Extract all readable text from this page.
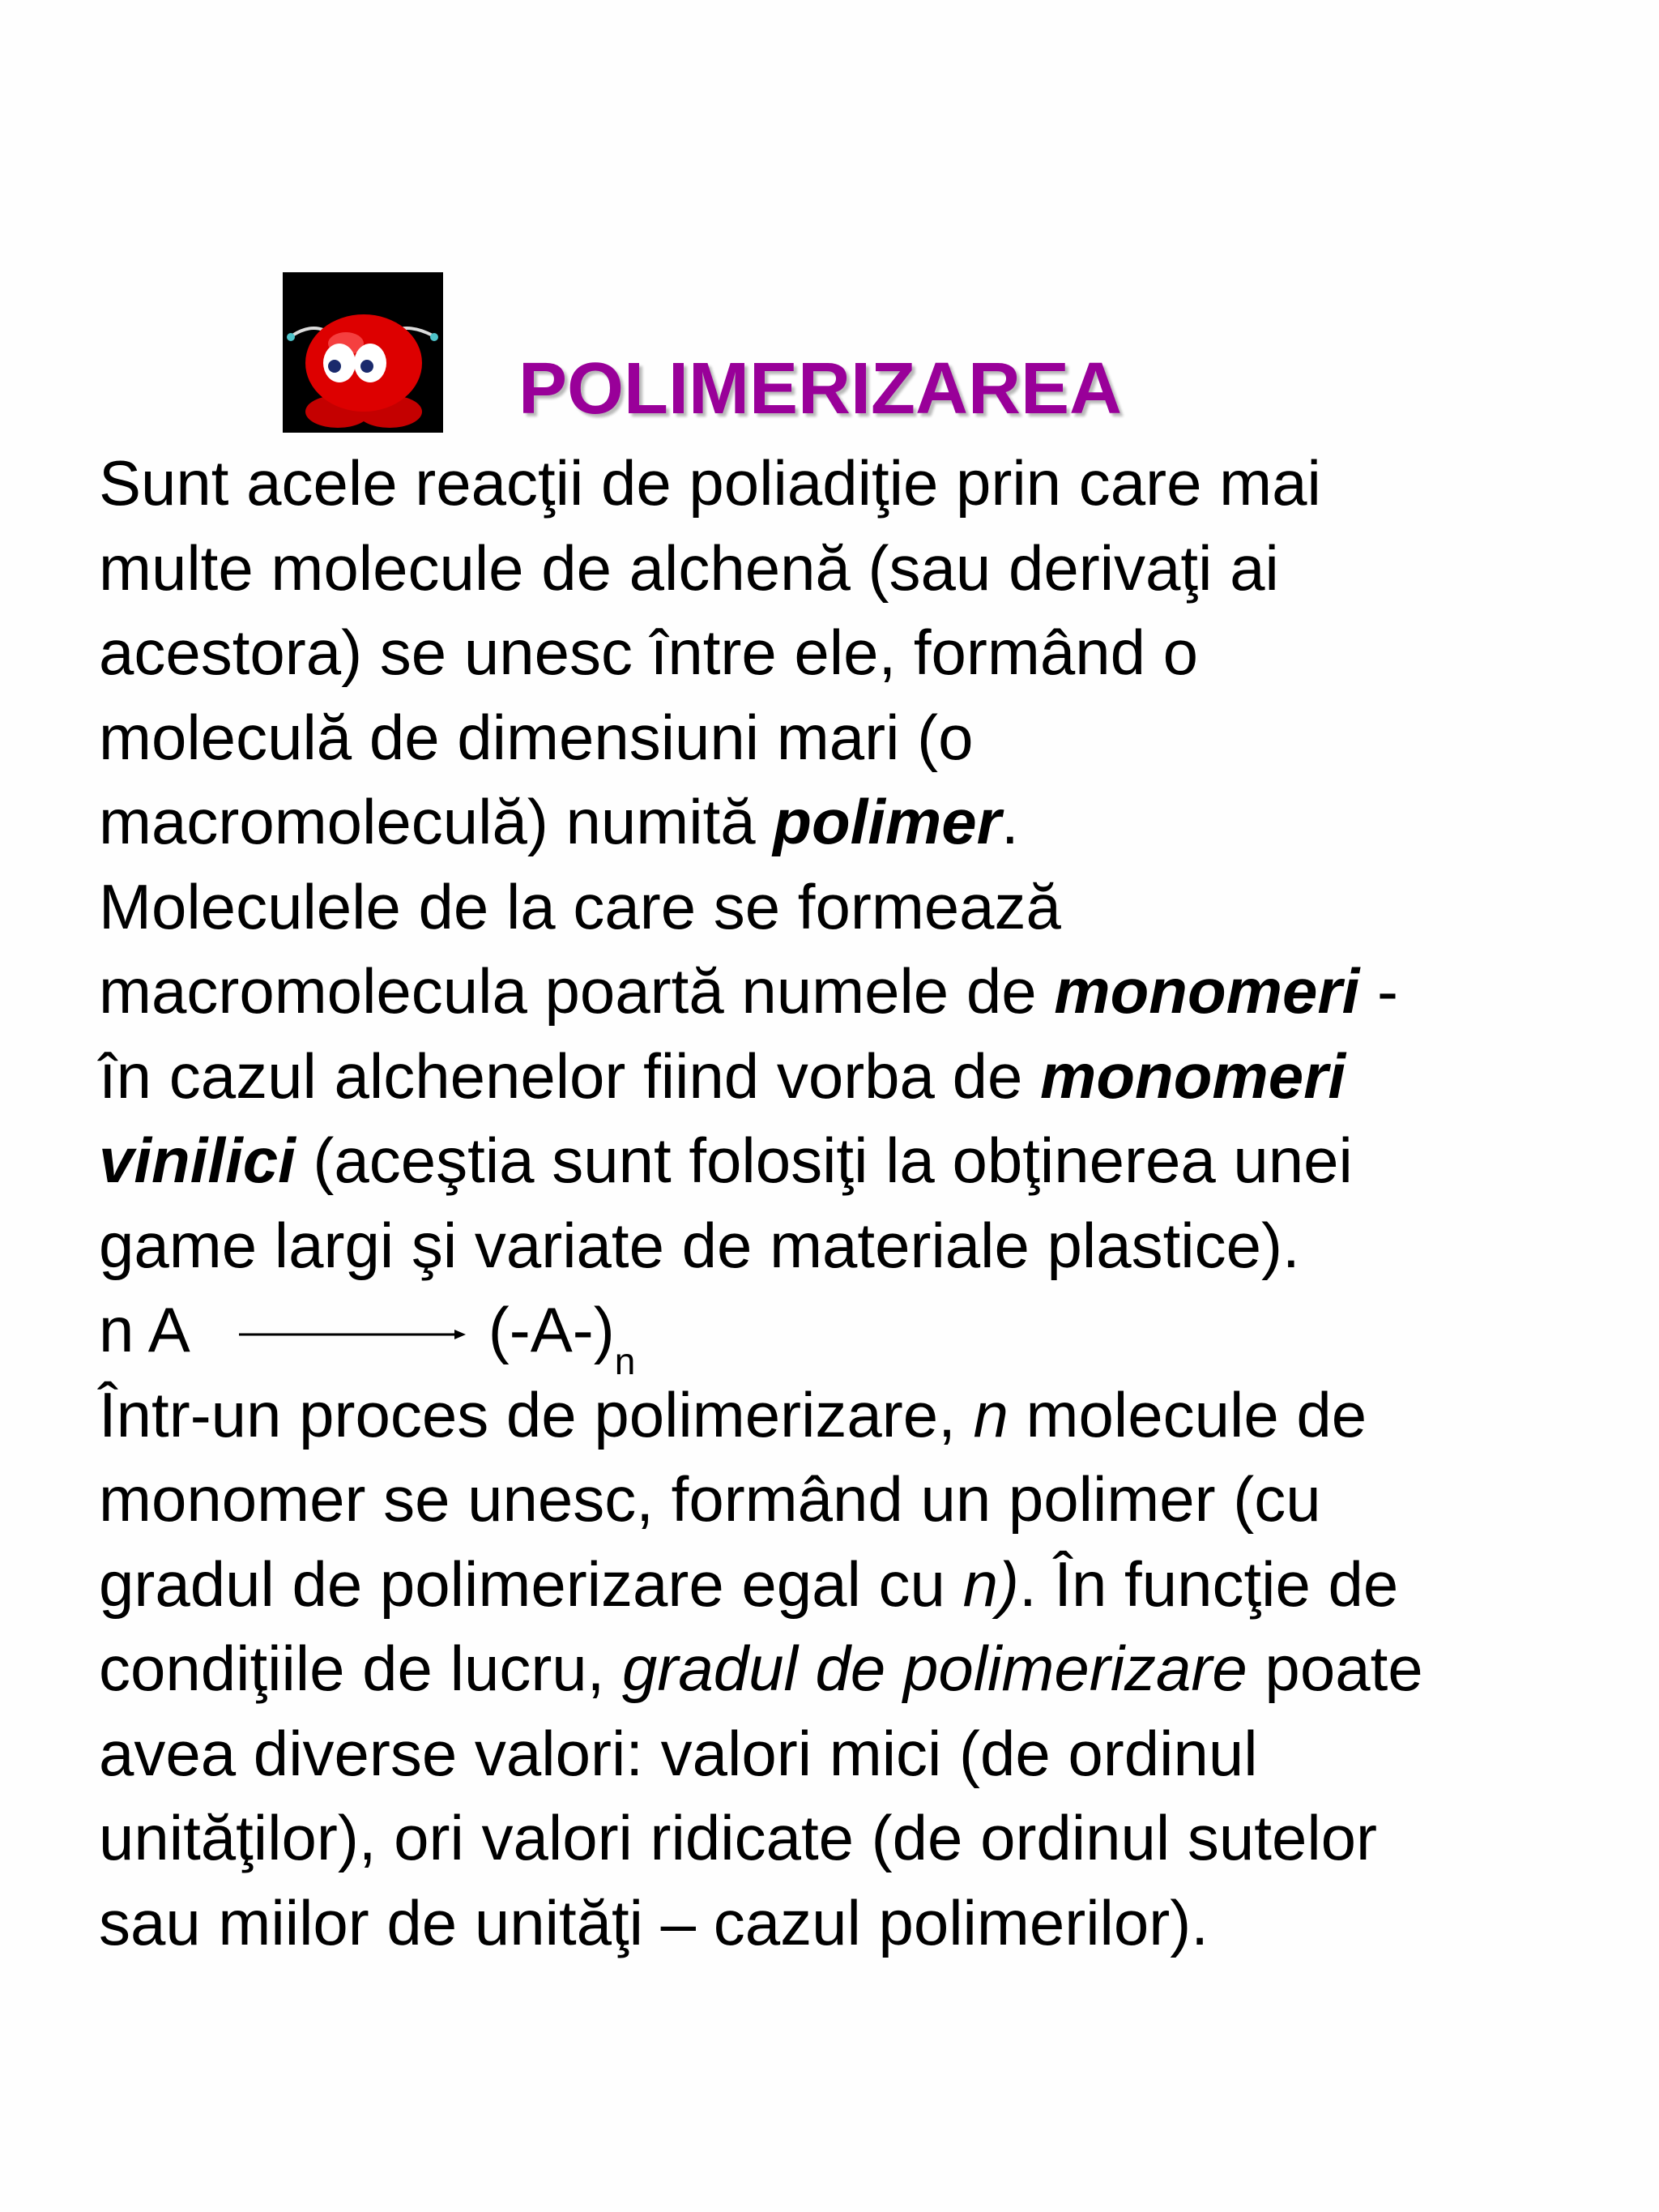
POLIMERIZAREA
Sunt acele reacţii de poliadiţie prin care mai
multe molecule de alchenă (sau derivaţi ai
acestora) se unesc între ele, formând o
moleculă de dimensiuni mari (o
macromoleculă) numită polimer.
Moleculele de la care se formează
macromolecula poartă numele de monomeri -
în cazul alchenelor fiind vorba de monomeri
vinilici (aceştia sunt folosiţi la obţinerea unei
game largi şi variate de materiale plastice).
n $A \to (-A-)_n$
Într-un proces de polimerizare, n molecule de
monomer se unesc, formând un polimer (cu
gradul de polimerizare egal cu n). În funcţie de
condiţiile de lucru, gradul de polimerizare poate
avea diverse valori: valori mici (de ordinul
unităţilor), ori valori ridicate (de ordinul sutelor
sau miilor de unităţi – cazul polimerilor).
